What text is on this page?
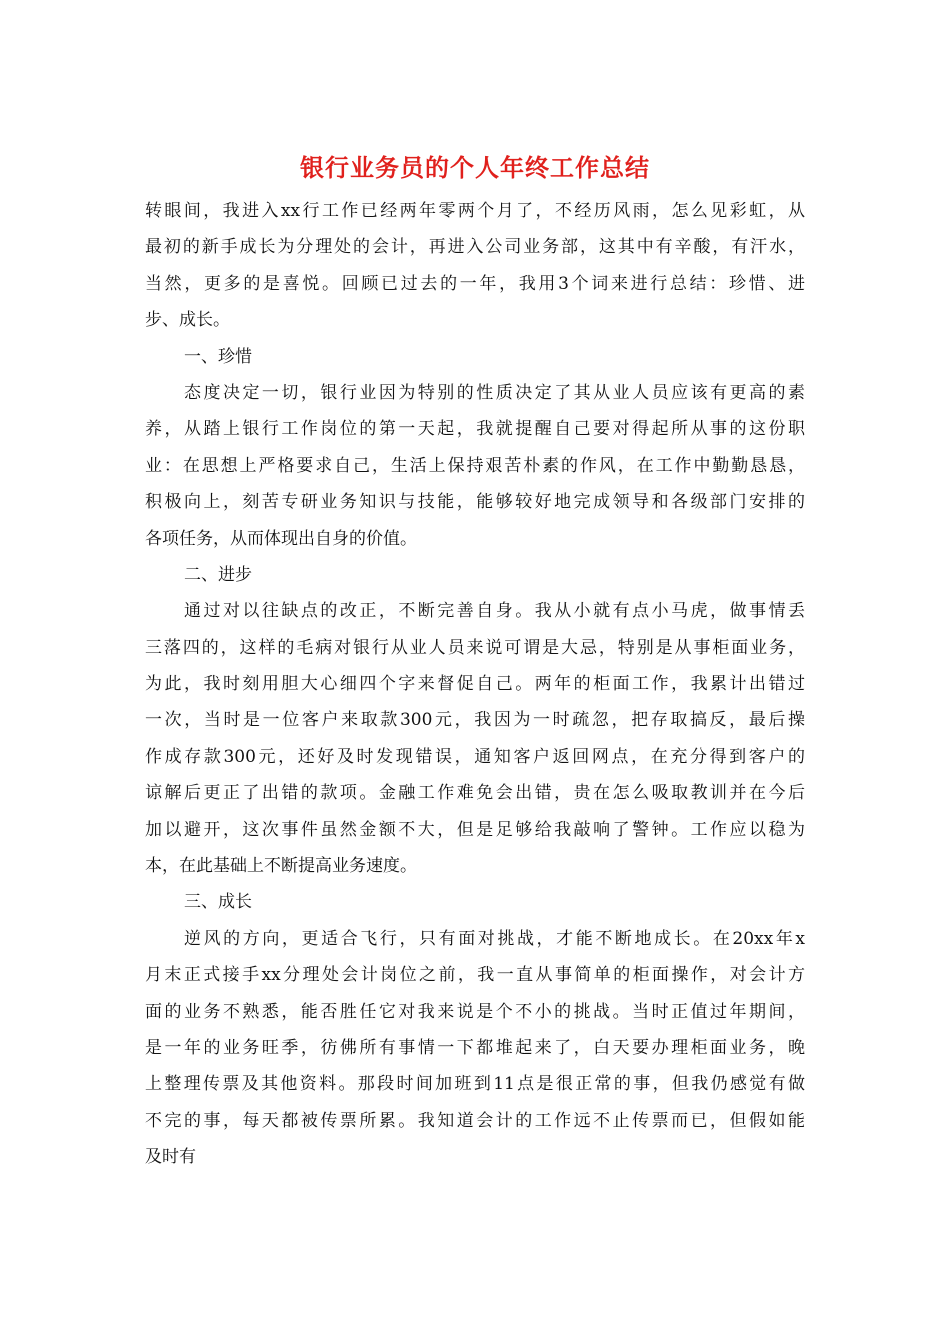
银行业务员的个人年终工作总结
转眼间，我进入xx行工作已经两年零两个月了，不经历风雨，怎么见彩虹，从
最初的新手成长为分理处的会计，再进入公司业务部，这其中有辛酸，有汗水，
当然，更多的是喜悦。回顾已过去的一年，我用3个词来进行总结：珍惜、进
步、成长。
一、珍惜
态度决定一切，银行业因为特别的性质决定了其从业人员应该有更高的素
养，从踏上银行工作岗位的第一天起，我就提醒自己要对得起所从事的这份职
业：在思想上严格要求自己，生活上保持艰苦朴素的作风，在工作中勤勤恳恳，
积极向上，刻苦专研业务知识与技能，能够较好地完成领导和各级部门安排的
各项任务，从而体现出自身的价值。
二、进步
通过对以往缺点的改正，不断完善自身。我从小就有点小马虎，做事情丢
三落四的，这样的毛病对银行从业人员来说可谓是大忌，特别是从事柜面业务，
为此，我时刻用胆大心细四个字来督促自己。两年的柜面工作，我累计出错过
一次，当时是一位客户来取款300元，我因为一时疏忽，把存取搞反，最后操
作成存款300元，还好及时发现错误，通知客户返回网点，在充分得到客户的
谅解后更正了出错的款项。金融工作难免会出错，贵在怎么吸取教训并在今后
加以避开，这次事件虽然金额不大，但是足够给我敲响了警钟。工作应以稳为
本，在此基础上不断提高业务速度。
三、成长
逆风的方向，更适合飞行，只有面对挑战，才能不断地成长。在20xx年x
月末正式接手xx分理处会计岗位之前，我一直从事简单的柜面操作，对会计方
面的业务不熟悉，能否胜任它对我来说是个不小的挑战。当时正值过年期间，
是一年的业务旺季，彷佛所有事情一下都堆起来了，白天要办理柜面业务，晚
上整理传票及其他资料。那段时间加班到11点是很正常的事，但我仍感觉有做
不完的事，每天都被传票所累。我知道会计的工作远不止传票而已，但假如能
及时有
